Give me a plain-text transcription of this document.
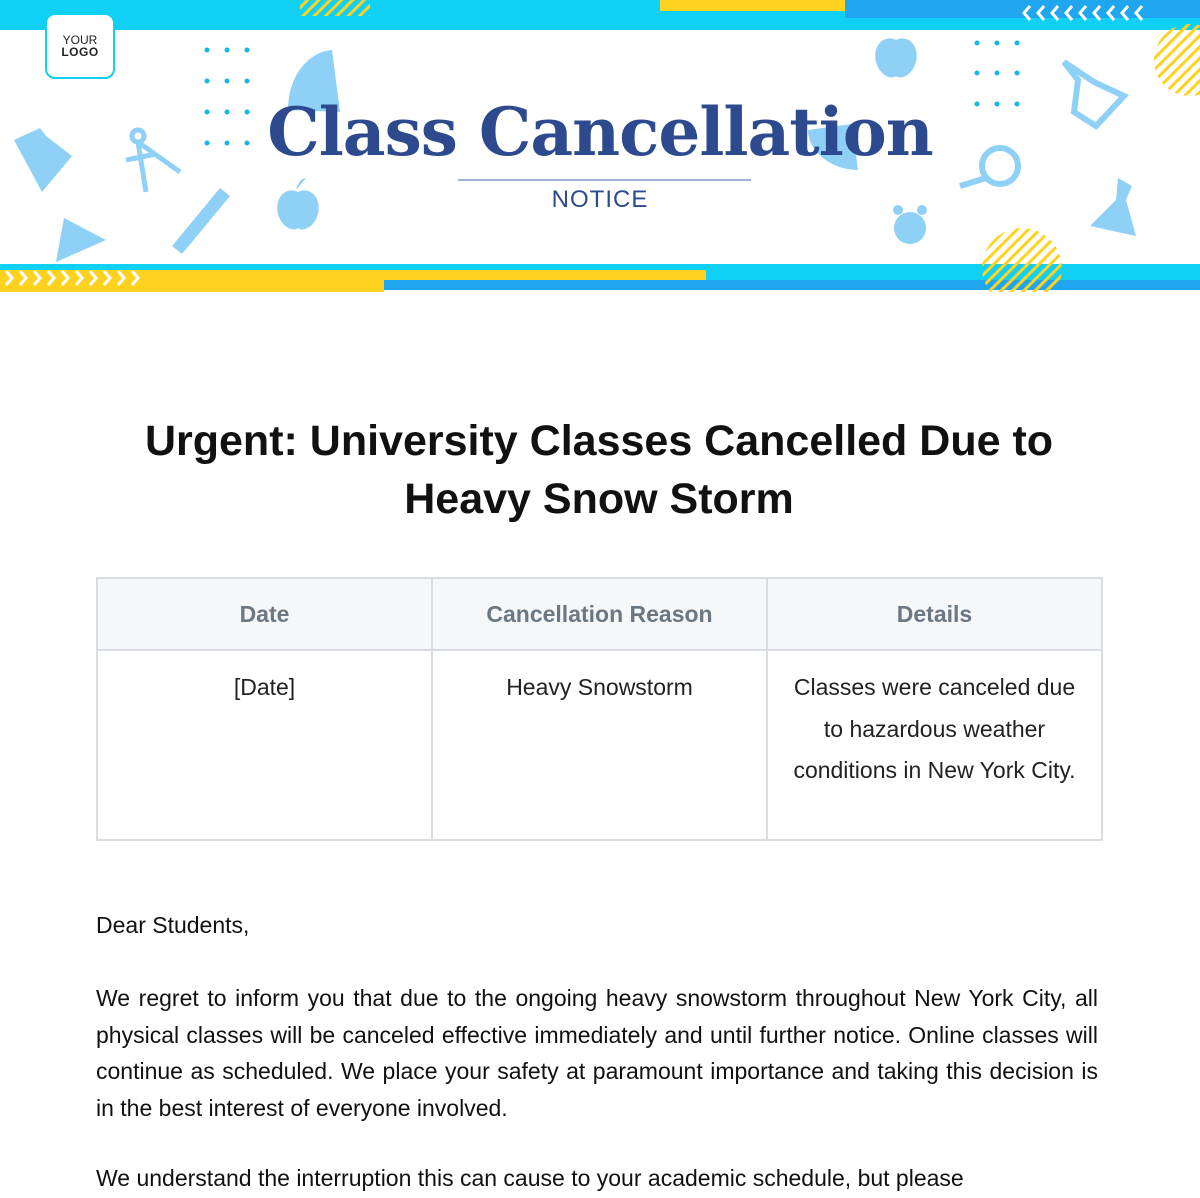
YOUR
LOGO
Class Cancellation
NOTICE
Urgent: University Classes Cancelled Due to Heavy Snow Storm
Date	Cancellation Reason	Details
[Date]	Heavy Snowstorm	Classes were canceled due to hazardous weather conditions in New York City.

Dear Students,

We regret to inform you that due to the ongoing heavy snowstorm throughout New York City, all physical classes will be canceled effective immediately and until further notice. Online classes will continue as scheduled. We place your safety at paramount importance and taking this decision is in the best interest of everyone involved.

We understand the interruption this can cause to your academic schedule, but please
